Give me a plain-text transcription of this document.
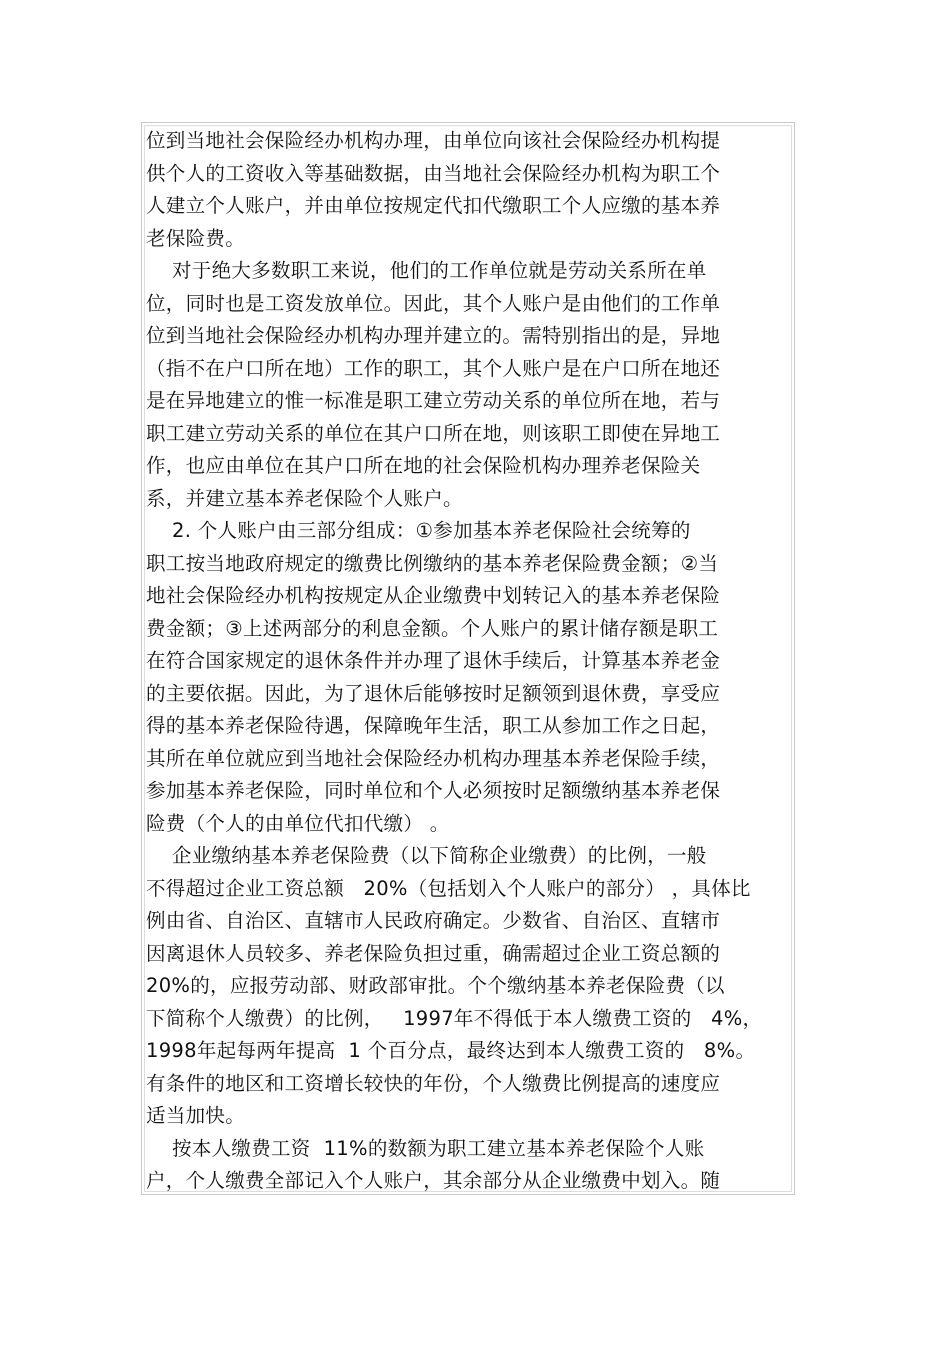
位到当地社会保险经办机构办理，由单位向该社会保险经办机构提
供个人的工资收入等基础数据，由当地社会保险经办机构为职工个
人建立个人账户，并由单位按规定代扣代缴职工个人应缴的基本养
老保险费。
对于绝大多数职工来说，他们的工作单位就是劳动关系所在单
位，同时也是工资发放单位。因此，其个人账户是由他们的工作单
位到当地社会保险经办机构办理并建立的。需特别指出的是，异地
（指不在户口所在地）工作的职工，其个人账户是在户口所在地还
是在异地建立的惟一标准是职工建立劳动关系的单位所在地，若与
职工建立劳动关系的单位在其户口所在地，则该职工即使在异地工
作，也应由单位在其户口所在地的社会保险机构办理养老保险关
系，并建立基本养老保险个人账户。
2. 个人账户由三部分组成：①参加基本养老保险社会统筹的
职工按当地政府规定的缴费比例缴纳的基本养老保险费金额；②当
地社会保险经办机构按规定从企业缴费中划转记入的基本养老保险
费金额；③上述两部分的利息金额。个人账户的累计储存额是职工
在符合国家规定的退休条件并办理了退休手续后，计算基本养老金
的主要依据。因此，为了退休后能够按时足额领到退休费，享受应
得的基本养老保险待遇，保障晚年生活，职工从参加工作之日起，
其所在单位就应到当地社会保险经办机构办理基本养老保险手续，
参加基本养老保险，同时单位和个人必须按时足额缴纳基本养老保
险费（个人的由单位代扣代缴） 。
企业缴纳基本养老保险费（以下简称企业缴费）的比例，一般
不得超过企业工资总额   20%（包括划入个人账户的部分） ，具体比
例由省、自治区、直辖市人民政府确定。少数省、自治区、直辖市
因离退休人员较多、养老保险负担过重，确需超过企业工资总额的
20%的，应报劳动部、财政部审批。个个缴纳基本养老保险费（以
下简称个人缴费）的比例，   1997年不得低于本人缴费工资的   4%，
1998年起每两年提高  1 个百分点，最终达到本人缴费工资的   8%。
有条件的地区和工资增长较快的年份，个人缴费比例提高的速度应
适当加快。
按本人缴费工资  11%的数额为职工建立基本养老保险个人账
户，个人缴费全部记入个人账户，其余部分从企业缴费中划入。随
